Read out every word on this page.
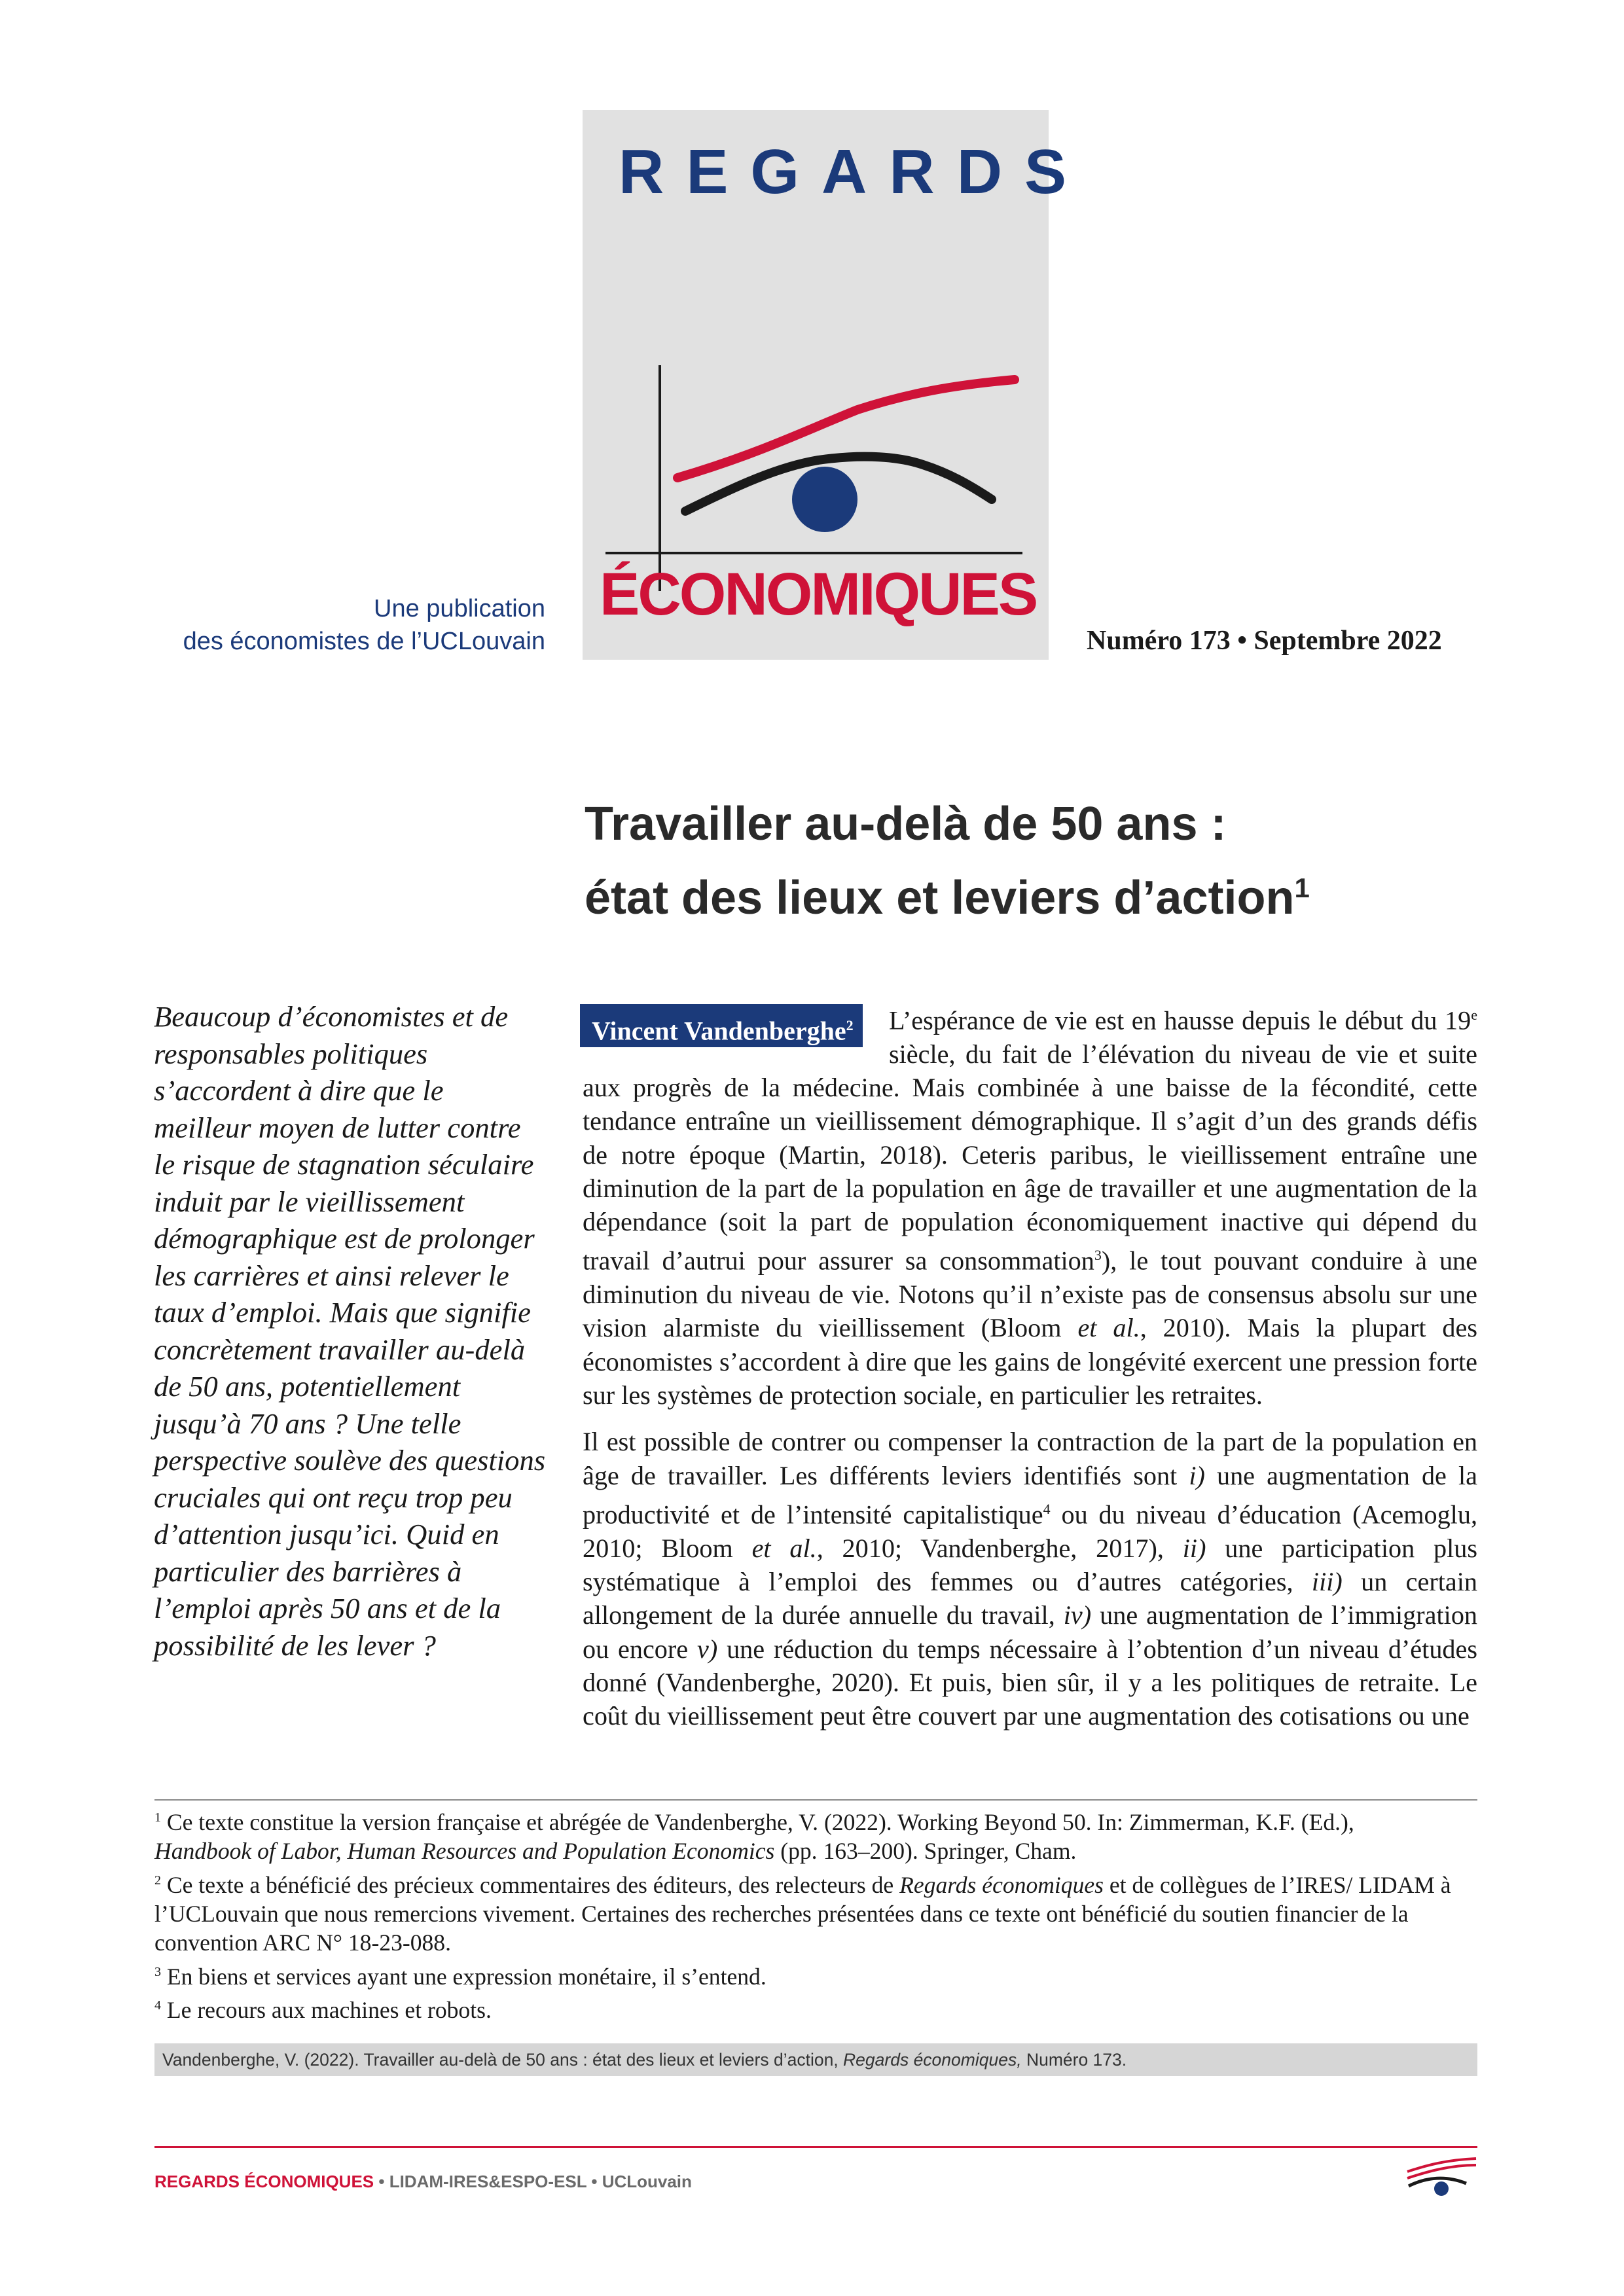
REGARDS
ÉCONOMIQUES
Une publication
des économistes de l’UCLouvain	Numéro 173 • Septembre 2022
Travailler au-delà de 50 ans :
état des lieux et leviers d’action$^1$
Beaucoup d’économistes et de responsables politiques s’accordent à dire que le meilleur moyen de lutter contre le risque de stagnation séculaire induit par le vieillissement démographique est de prolonger les carrières et ainsi relever le taux d’emploi. Mais que signifie concrètement travailler au-delà de 50 ans, potentiellement jusqu’à 70 ans ? Une telle perspective soulève des questions cruciales qui ont reçu trop peu d’attention jusqu’ici. Quid en particulier des barrières à l’emploi après 50 ans et de la possibilité de les lever ?

L’espérance de vie est en hausse depuis le début du 19e siècle, du fait de l’élévation du niveau de vie et suite aux progrès de la médecine. Mais combinée à une baisse de la fécondité, cette tendance entraîne un vieillissement démographique. Il s’agit d’un des grands défis de notre époque (Martin, 2018). Ceteris paribus, le vieillissement entraîne une diminution de la part de la population en âge de travailler et une augmentation de la dépendance (soit la part de population économiquement inactive qui dépend du travail d’autrui pour assurer sa consommation$^3$), le tout pouvant conduire à une diminution du niveau de vie. Notons qu’il n’existe pas de consensus absolu sur une vision alarmiste du vieillissement (Bloom et al., 2010). Mais la plupart des économistes s’accordent à dire que les gains de longévité exercent une pression forte sur les systèmes de protection sociale, en particulier les retraites.

Il est possible de contrer ou compenser la contraction de la part de la population en âge de travailler. Les différents leviers identifiés sont i) une augmentation de la productivité et de l’intensité capitalistique$^4$ ou du niveau d’éducation (Acemoglu, 2010; Bloom et al., 2010; Vandenberghe, 2017), ii) une participation plus systématique à l’emploi des femmes ou d’autres catégories, iii) un certain allongement de la durée annuelle du travail, iv) une augmentation de l’immigration ou encore v) une réduction du temps nécessaire à l’obtention d’un niveau d’études donné (Vandenberghe, 2020). Et puis, bien sûr, il y a les politiques de retraite. Le coût du vieillissement peut être couvert par une augmentation des cotisations ou une

Vincent Vandenberghe$^2$

$^1$ Ce texte constitue la version française et abrégée de Vandenberghe, V. (2022). Working Beyond 50. In: Zimmerman, K.F. (Ed.),
Handbook of Labor, Human Resources and Population Economics (pp. 163–200). Springer, Cham.

$^2$ Ce texte a bénéficié des précieux commentaires des éditeurs, des relecteurs de Regards économiques et de collègues de l’IRES/ LIDAM à l’UCLouvain que nous remercions vivement. Certaines des recherches présentées dans ce texte ont bénéficié du soutien financier de la convention ARC N° 18-23-088.

$^3$ En biens et services ayant une expression monétaire, il s’entend.

$^4$ Le recours aux machines et robots.

Vandenberghe, V. (2022). Travailler au-delà de 50 ans : état des lieux et leviers d’action, Regards économiques, Numéro 173.
REGARDS ÉCONOMIQUES • LIDAM-IRES&ESPO-ESL • UCLouvain
